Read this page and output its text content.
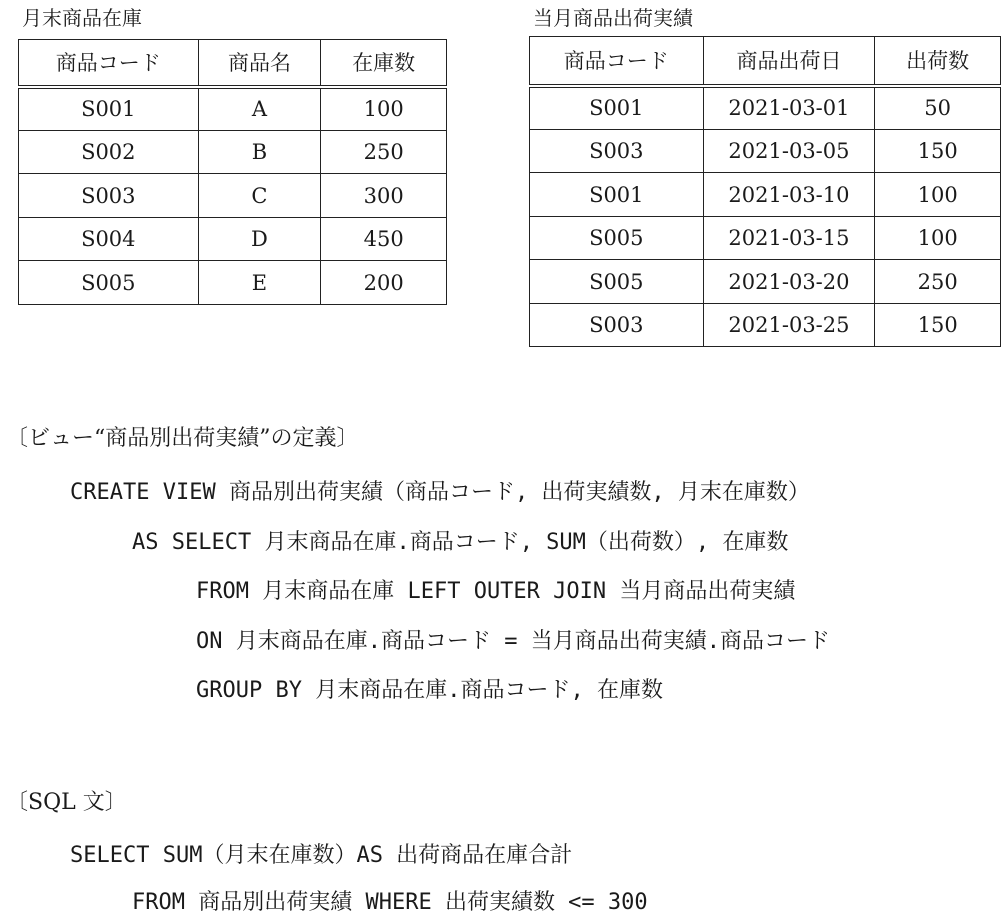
月末商品在庫
商品コード	商品名	在庫数
S001	A	100
S002	B	250
S003	C	300
S004	D	450
S005	E	200
当月商品出荷実績
商品コード	商品出荷日	出荷数
S001	2021-03-01	50
S003	2021-03-05	150
S001	2021-03-10	100
S005	2021-03-15	100
S005	2021-03-20	250
S003	2021-03-25	150
〔ビュー“商品別出荷実績”の定義〕
CREATE VIEW 商品別出荷実績（商品コード, 出荷実績数, 月末在庫数）
AS SELECT 月末商品在庫.商品コード, SUM（出荷数）, 在庫数
FROM 月末商品在庫 LEFT OUTER JOIN 当月商品出荷実績
ON 月末商品在庫.商品コード = 当月商品出荷実績.商品コード
GROUP BY 月末商品在庫.商品コード, 在庫数
〔SQL 文〕
SELECT SUM（月末在庫数）AS 出荷商品在庫合計
FROM 商品別出荷実績 WHERE 出荷実績数 <= 300
